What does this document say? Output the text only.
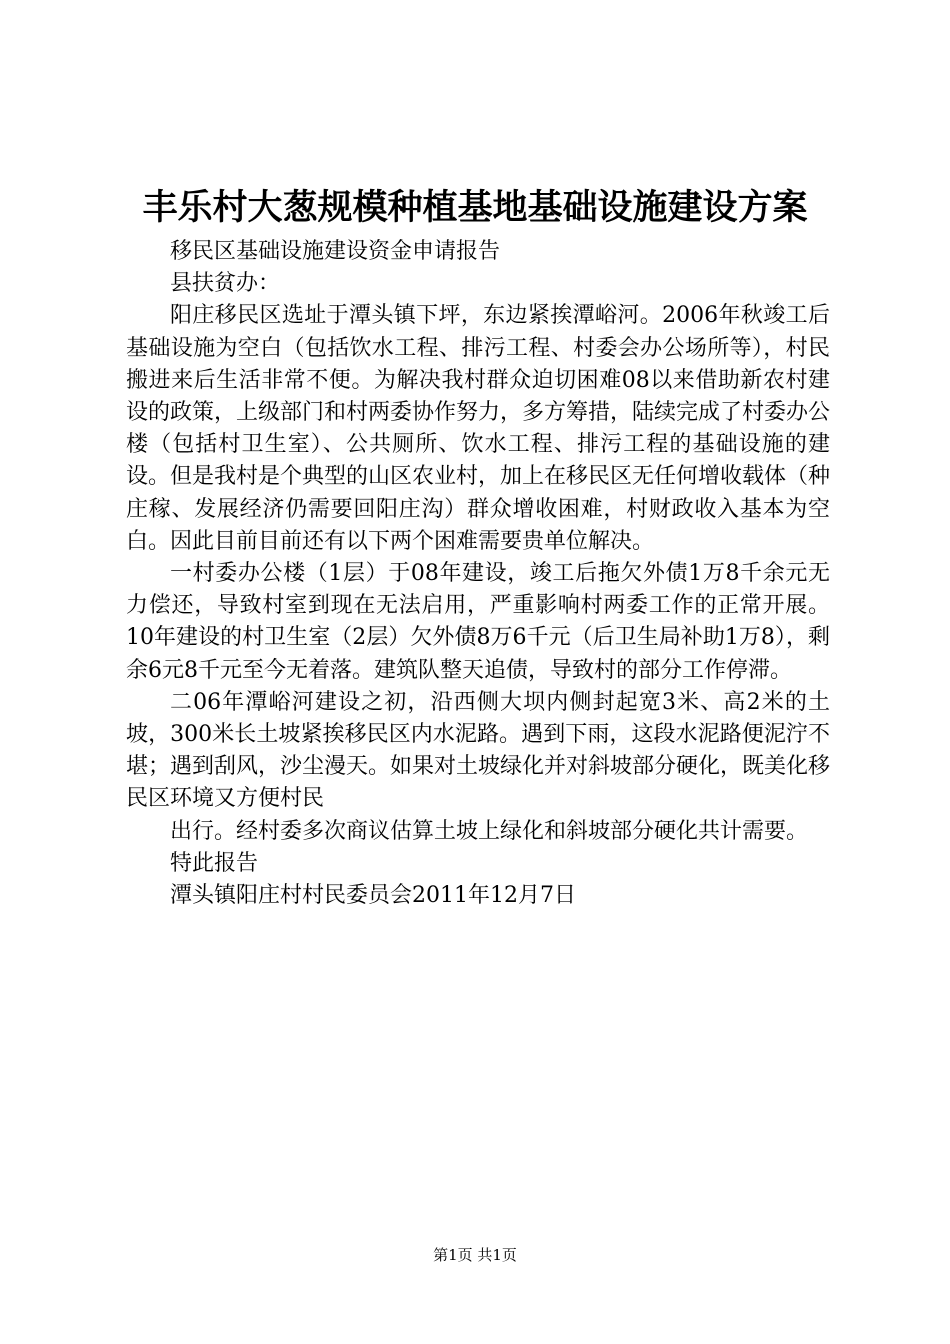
丰乐村大葱规模种植基地基础设施建设方案

移民区基础设施建设资金申请报告

县扶贫办：

阳庄移民区选址于潭头镇下坪，东边紧挨潭峪河。2006年秋竣工后基础设施为空白（包括饮水工程、排污工程、村委会办公场所等），村民搬进来后生活非常不便。为解决我村群众迫切困难08以来借助新农村建设的政策，上级部门和村两委协作努力，多方筹措，陆续完成了村委办公楼（包括村卫生室）、公共厕所、饮水工程、排污工程的基础设施的建设。但是我村是个典型的山区农业村，加上在移民区无任何增收载体（种庄稼、发展经济仍需要回阳庄沟）群众增收困难，村财政收入基本为空白。因此目前目前还有以下两个困难需要贵单位解决。

一村委办公楼（1层）于08年建设，竣工后拖欠外债1万8千余元无力偿还，导致村室到现在无法启用，严重影响村两委工作的正常开展。10年建设的村卫生室（2层）欠外债8万6千元（后卫生局补助1万8），剩余6元8千元至今无着落。建筑队整天追债，导致村的部分工作停滞。

二06年潭峪河建设之初，沿西侧大坝内侧封起宽3米、高2米的土坡，300米长土坡紧挨移民区内水泥路。遇到下雨，这段水泥路便泥泞不堪；遇到刮风，沙尘漫天。如果对土坡绿化并对斜坡部分硬化，既美化移民区环境又方便村民

出行。经村委多次商议估算土坡上绿化和斜坡部分硬化共计需要。

特此报告

潭头镇阳庄村村民委员会2011年12月7日

第1页 共1页
